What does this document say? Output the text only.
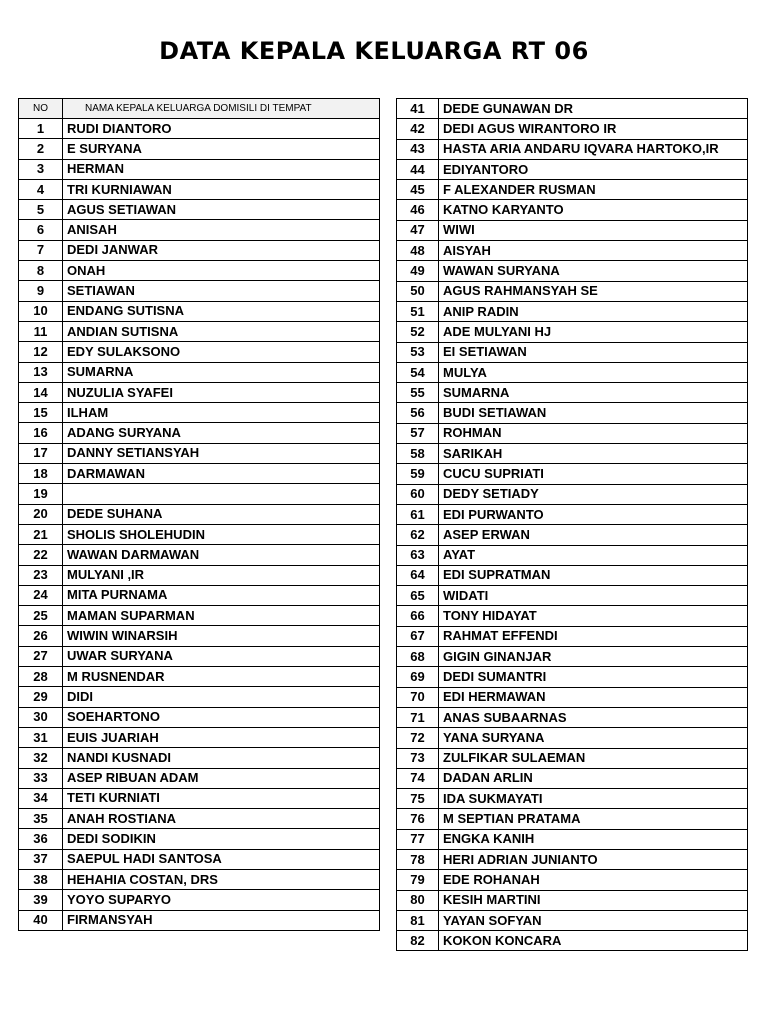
DATA KEPALA KELUARGA RT 06
NO	NAMA KEPALA KELUARGA DOMISILI DI TEMPAT
1	RUDI DIANTORO
2	E SURYANA
3	HERMAN
4	TRI KURNIAWAN
5	AGUS SETIAWAN
6	ANISAH
7	DEDI JANWAR
8	ONAH
9	SETIAWAN
10	ENDANG SUTISNA
11	ANDIAN SUTISNA
12	EDY SULAKSONO
13	SUMARNA
14	NUZULIA SYAFEI
15	ILHAM
16	ADANG SURYANA
17	DANNY SETIANSYAH
18	DARMAWAN
19	
20	DEDE SUHANA
21	SHOLIS SHOLEHUDIN
22	WAWAN DARMAWAN
23	MULYANI ,IR
24	MITA PURNAMA
25	MAMAN SUPARMAN
26	WIWIN WINARSIH
27	UWAR SURYANA
28	M RUSNENDAR
29	DIDI
30	SOEHARTONO
31	EUIS JUARIAH
32	NANDI KUSNADI
33	ASEP RIBUAN ADAM
34	TETI KURNIATI
35	ANAH ROSTIANA
36	DEDI SODIKIN
37	SAEPUL HADI SANTOSA
38	HEHAHIA COSTAN, DRS
39	YOYO SUPARYO
40	FIRMANSYAH
41	DEDE GUNAWAN DR
42	DEDI AGUS WIRANTORO IR
43	HASTA ARIA ANDARU IQVARA HARTOKO,IR
44	EDIYANTORO
45	F ALEXANDER RUSMAN
46	KATNO KARYANTO
47	WIWI
48	AISYAH
49	WAWAN SURYANA
50	AGUS RAHMANSYAH SE
51	ANIP RADIN
52	ADE MULYANI HJ
53	EI SETIAWAN
54	MULYA
55	SUMARNA
56	BUDI SETIAWAN
57	ROHMAN
58	SARIKAH
59	CUCU SUPRIATI
60	DEDY SETIADY
61	EDI PURWANTO
62	ASEP ERWAN
63	AYAT
64	EDI SUPRATMAN
65	WIDATI
66	TONY HIDAYAT
67	RAHMAT EFFENDI
68	GIGIN GINANJAR
69	DEDI SUMANTRI
70	EDI HERMAWAN
71	ANAS SUBAARNAS
72	YANA SURYANA
73	ZULFIKAR SULAEMAN
74	DADAN ARLIN
75	IDA SUKMAYATI
76	M SEPTIAN PRATAMA
77	ENGKA KANIH
78	HERI ADRIAN JUNIANTO
79	EDE ROHANAH
80	KESIH MARTINI
81	YAYAN SOFYAN
82	KOKON KONCARA
